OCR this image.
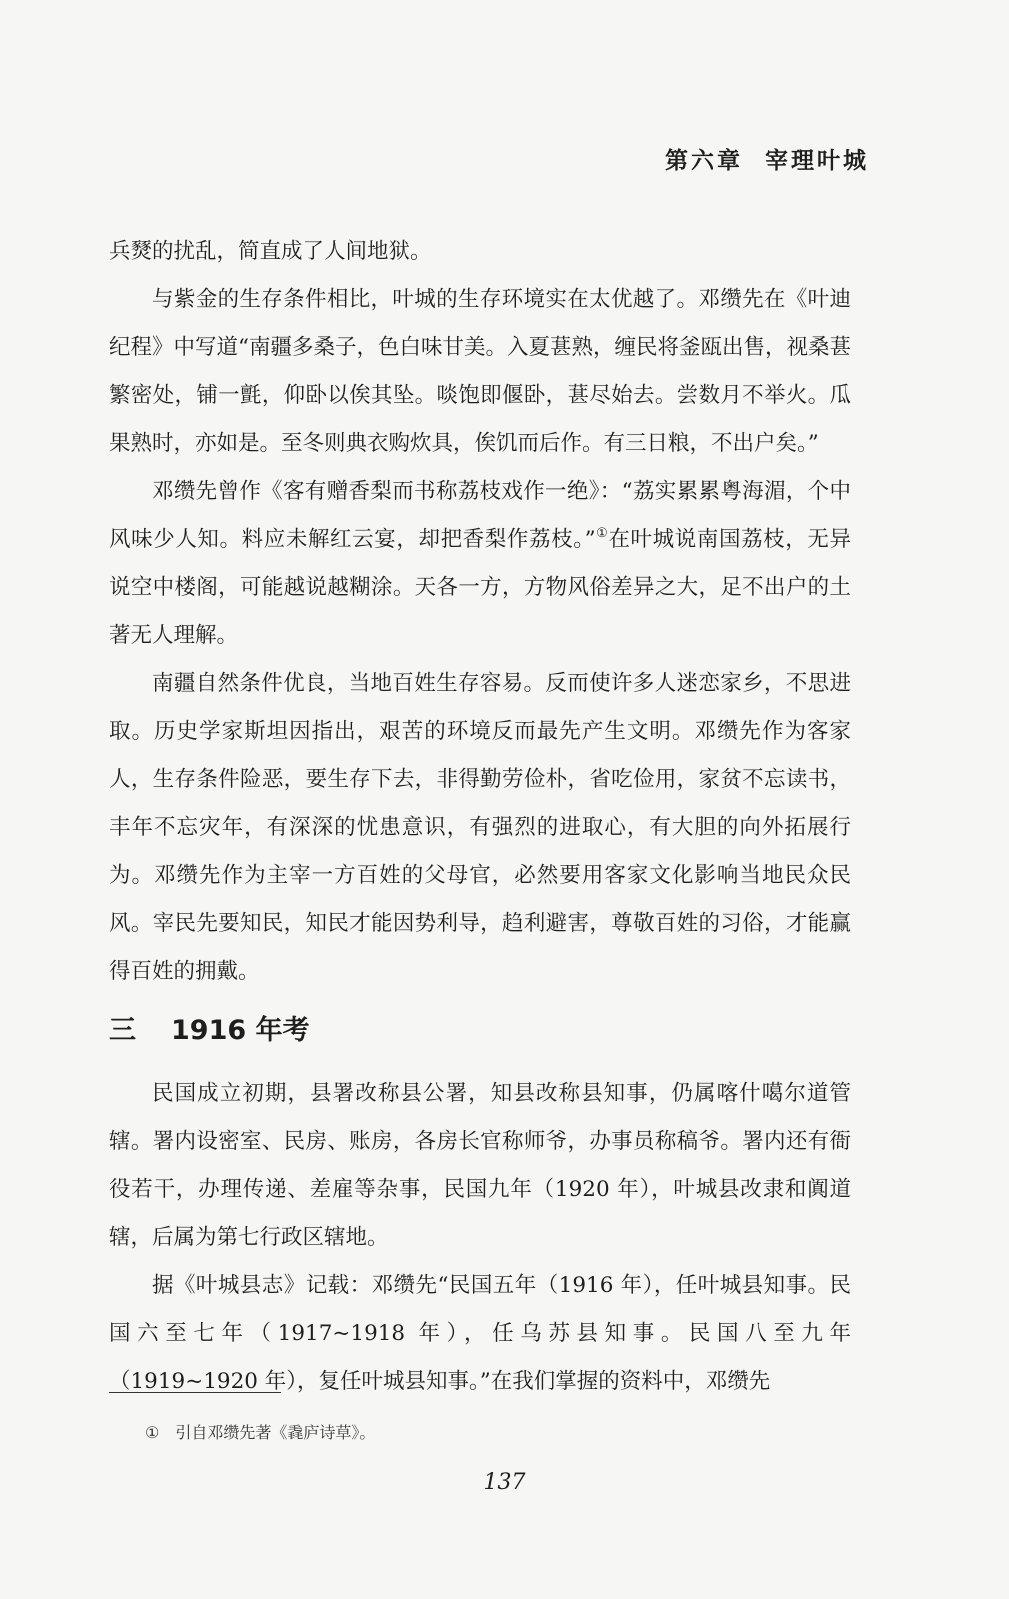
第六章 宰理叶城

兵燹的扰乱，简直成了人间地狱。

与紫金的生存条件相比，叶城的生存环境实在太优越了。邓缵先在《叶迪纪程》中写道“南疆多桑子，色白味甘美。入夏葚熟，缠民将釜瓯出售，视桑葚繁密处，铺一氈，仰卧以俟其坠。啖饱即偃卧，葚尽始去。尝数月不举火。瓜果熟时，亦如是。至冬则典衣购炊具，俟饥而后作。有三日粮，不出户矣。”

邓缵先曾作《客有赠香梨而书称荔枝戏作一绝》：“荔实累累粤海湄，个中风味少人知。料应未解红云宴，却把香梨作荔枝。”①在叶城说南国荔枝，无异说空中楼阁，可能越说越糊涂。天各一方，方物风俗差异之大，足不出户的土著无人理解。

南疆自然条件优良，当地百姓生存容易。反而使许多人迷恋家乡，不思进取。历史学家斯坦因指出，艰苦的环境反而最先产生文明。邓缵先作为客家人，生存条件险恶，要生存下去，非得勤劳俭朴，省吃俭用，家贫不忘读书，丰年不忘灾年，有深深的忧患意识，有强烈的进取心，有大胆的向外拓展行为。邓缵先作为主宰一方百姓的父母官，必然要用客家文化影响当地民众民风。宰民先要知民，知民才能因势利导，趋利避害，尊敬百姓的习俗，才能赢得百姓的拥戴。

三 1916 年考

民国成立初期，县署改称县公署，知县改称县知事，仍属喀什噶尔道管辖。署内设密室、民房、账房，各房长官称师爷，办事员称稿爷。署内还有衙役若干，办理传递、差雇等杂事，民国九年（1920 年），叶城县改隶和阗道辖，后属为第七行政区辖地。

据《叶城县志》记载：邓缵先“民国五年（1916 年），任叶城县知事。民国六至七年（1917~1918 年），任乌苏县知事。民国八至九年（1919~1920 年），复任叶城县知事。”在我们掌握的资料中，邓缵先

① 引自邓缵先著《毳庐诗草》。
137
